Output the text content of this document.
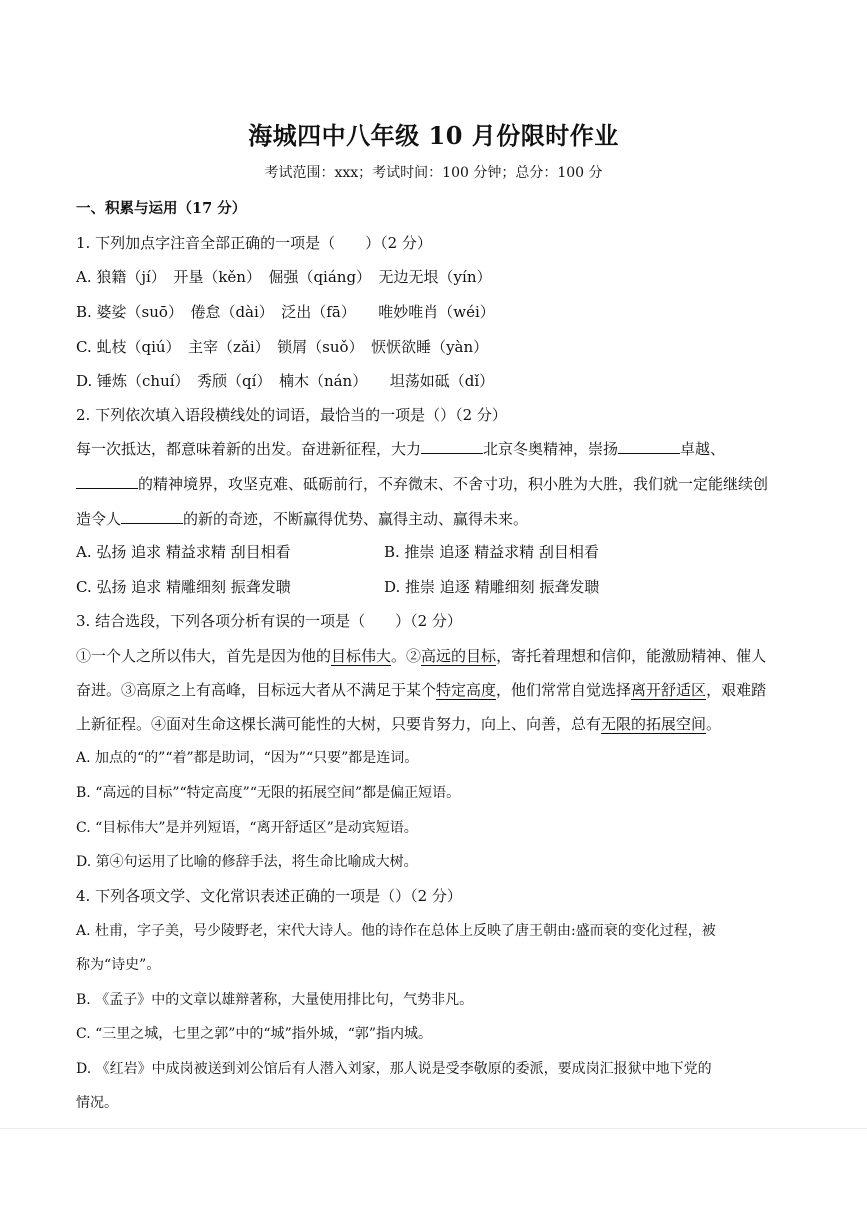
海城四中八年级 10 月份限时作业
考试范围：xxx；考试时间：100 分钟；总分：100 分
一、积累与运用（17 分）
1. 下列加点字注音全部正确的一项是（　　）（2 分）
A. 狼籍（jí）　开垦（kěn）　倔强（qiáng）　无边无垠（yín）
B. 婆娑（suō）　倦怠（dài）　泛出（fā）　　唯妙唯肖（wéi）
C. 虬枝（qiú）　主宰（zǎi）　锁屑（suǒ）　恹恹欲睡（yàn）
D. 锤炼（chuí）　秀颀（qí）　楠木（nán）　　坦荡如砥（dǐ）
2. 下列依次填入语段横线处的词语，最恰当的一项是（）（2 分）
每一次抵达，都意味着新的出发。奋进新征程，大力	北京冬奥精神，崇扬	卓越、
的精神境界，攻坚克难、砥砺前行，不弃微末、不舍寸功，积小胜为大胜，我们就一定能继续创
造令人	的新的奇迹，不断赢得优势、赢得主动、赢得未来。
A. 弘扬 追求 精益求精 刮目相看	B. 推崇 追逐 精益求精 刮目相看
C. 弘扬 追求 精雕细刻 振聋发聩	D. 推崇 追逐 精雕细刻 振聋发聩
3. 结合选段，下列各项分析有误的一项是（　　）（2 分）
①一个人之所以伟大，首先是因为他的目标伟大。②高远的目标，寄托着理想和信仰，能激励精神、催人
奋进。③高原之上有高峰，目标远大者从不满足于某个特定高度，他们常常自觉选择离开舒适区，艰难踏
上新征程。④面对生命这棵长满可能性的大树，只要肯努力，向上、向善，总有无限的拓展空间。
A. 加点的“的”“着”都是助词，“因为”“只要”都是连词。
B. “高远的目标”“特定高度”“无限的拓展空间”都是偏正短语。
C. “目标伟大”是并列短语，“离开舒适区”是动宾短语。
D. 第④句运用了比喻的修辞手法，将生命比喻成大树。
4. 下列各项文学、文化常识表述正确的一项是（）（2 分）
A. 杜甫，字子美，号少陵野老，宋代大诗人。他的诗作在总体上反映了唐王朝由:盛而衰的变化过程，被
称为“诗史”。
B. 《孟子》中的文章以雄辩著称，大量使用排比句，气势非凡。
C. “三里之城，七里之郭”中的“城”指外城，“郭”指内城。
D. 《红岩》中成岗被送到刘公馆后有人潜入刘家，那人说是受李敬原的委派，要成岗汇报狱中地下党的
情况。
